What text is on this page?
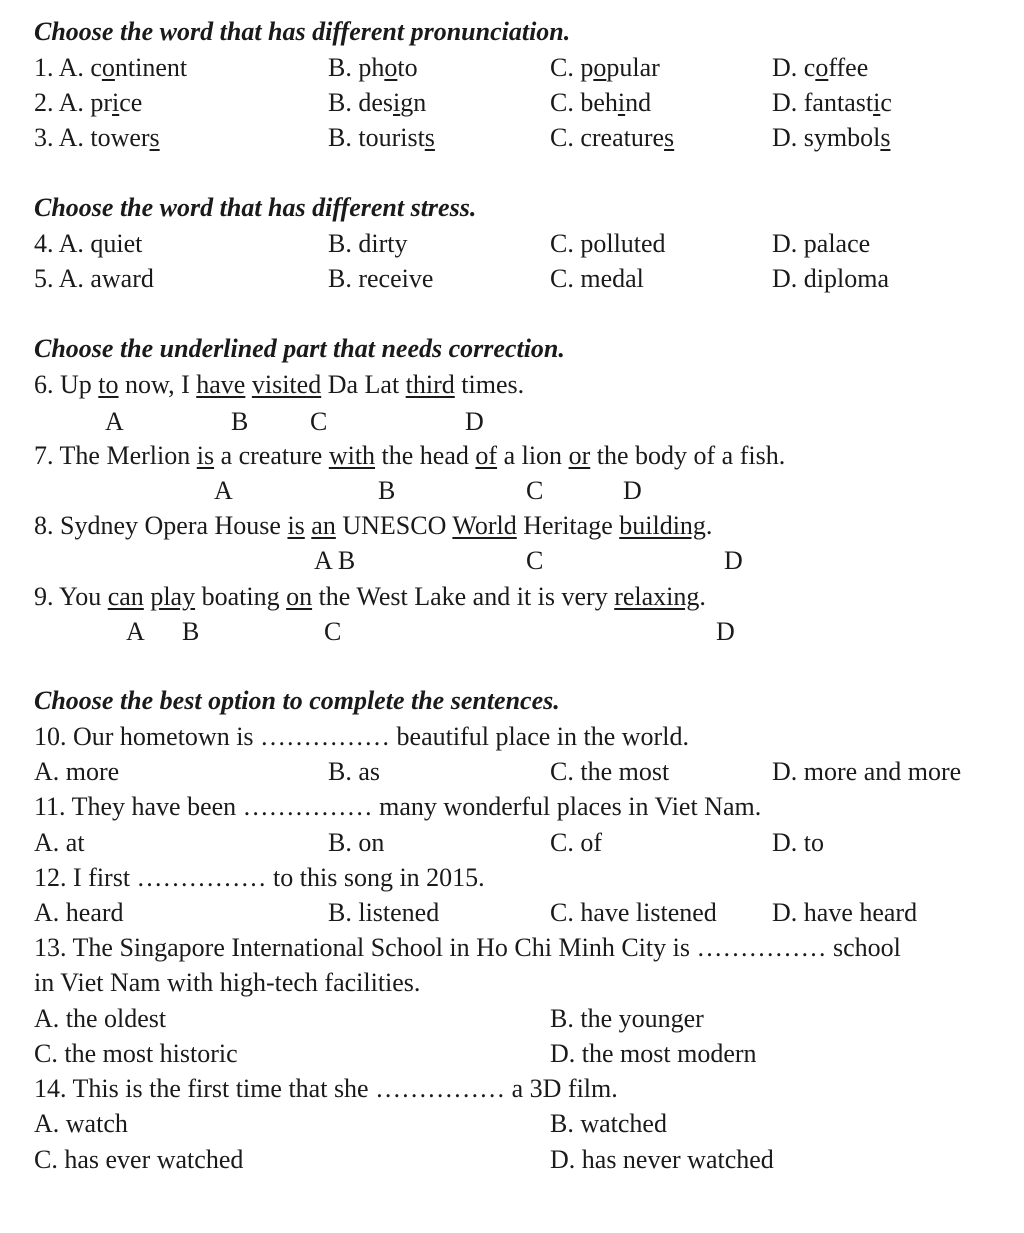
Choose the word that has different pronunciation.
1. A. continent	B. photo	C. popular	D. coffee
2. A. price	B. design	C. behind	D. fantastic
3. A. towers	B. tourists	C. creatures	D. symbols
Choose the word that has different stress.
4. A. quiet	B. dirty	C. polluted	D. palace
5. A. award	B. receive	C. medal	D. diploma
Choose the underlined part that needs correction.
6. Up to now, I have visited Da Lat third times.
A	B C	D
7. The Merlion is a creature with the head of a lion or the body of a fish.
A	B	C	D
8. Sydney Opera House is an UNESCO World Heritage building.
A B	C	D
9. You can play boating on the West Lake and it is very relaxing.
A B	C	D
Choose the best option to complete the sentences.
10. Our hometown is …………… beautiful place in the world.
A. more	B. as	C. the most	D. more and more
11. They have been …………… many wonderful places in Viet Nam.
A. at	B. on	C. of	D. to
12. I first …………… to this song in 2015.
A. heard	B. listened	C. have listened D. have heard
13. The Singapore International School in Ho Chi Minh City is …………… school
in Viet Nam with high-tech facilities.
A. the oldest	B. the younger
C. the most historic	D. the most modern
14. This is the first time that she …………… a 3D film.
A. watch	B. watched
C. has ever watched	D. has never watched
